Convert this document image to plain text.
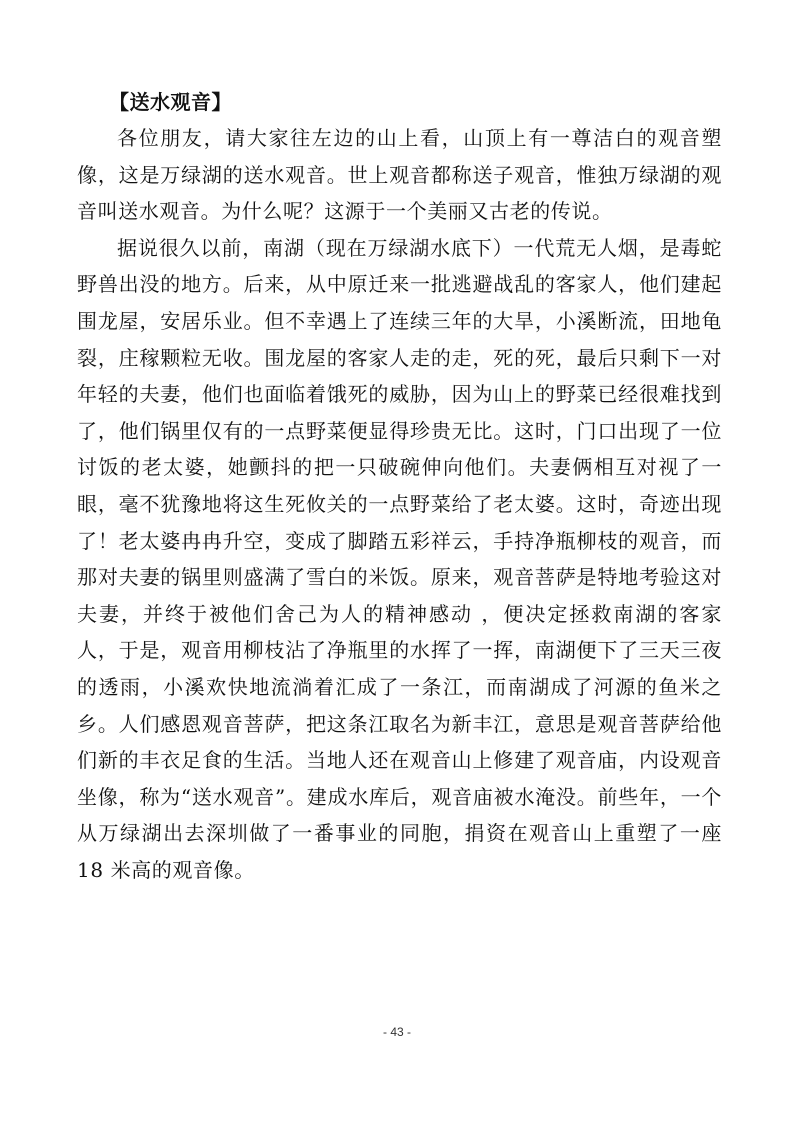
【送水观音】

各位朋友，请大家往左边的山上看，山顶上有一尊洁白的观音塑像，这是万绿湖的送水观音。世上观音都称送子观音，惟独万绿湖的观音叫送水观音。为什么呢？这源于一个美丽又古老的传说。

据说很久以前，南湖（现在万绿湖水底下）一代荒无人烟，是毒蛇野兽出没的地方。后来，从中原迁来一批逃避战乱的客家人，他们建起围龙屋，安居乐业。但不幸遇上了连续三年的大旱，小溪断流，田地龟裂，庄稼颗粒无收。围龙屋的客家人走的走，死的死，最后只剩下一对年轻的夫妻，他们也面临着饿死的威胁，因为山上的野菜已经很难找到了，他们锅里仅有的一点野菜便显得珍贵无比。这时，门口出现了一位讨饭的老太婆，她颤抖的把一只破碗伸向他们。夫妻俩相互对视了一眼，毫不犹豫地将这生死攸关的一点野菜给了老太婆。这时，奇迹出现了！老太婆冉冉升空，变成了脚踏五彩祥云，手持净瓶柳枝的观音，而那对夫妻的锅里则盛满了雪白的米饭。原来，观音菩萨是特地考验这对夫妻，并终于被他们舍己为人的精神感动 ，便决定拯救南湖的客家人，于是，观音用柳枝沾了净瓶里的水挥了一挥，南湖便下了三天三夜的透雨，小溪欢快地流淌着汇成了一条江，而南湖成了河源的鱼米之乡。人们感恩观音菩萨，把这条江取名为新丰江，意思是观音菩萨给他们新的丰衣足食的生活。当地人还在观音山上修建了观音庙，内设观音坐像，称为“送水观音”。建成水库后，观音庙被水淹没。前些年，一个从万绿湖出去深圳做了一番事业的同胞，捐资在观音山上重塑了一座 18 米高的观音像。

- 43 -
